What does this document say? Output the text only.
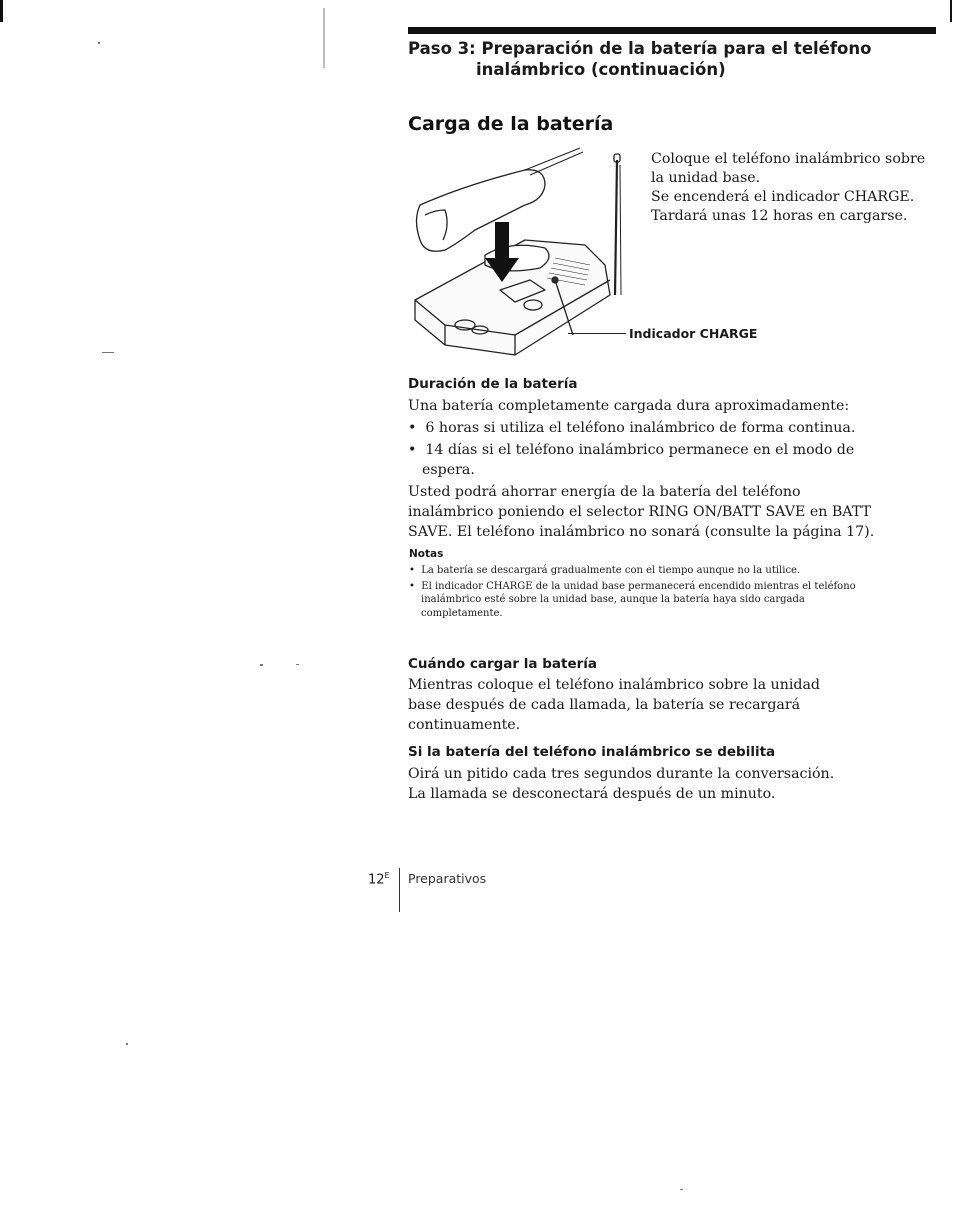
Paso 3: Preparación de la batería para el teléfono
inalámbrico (continuación)
Carga de la batería
Indicador CHARGE

Coloque el teléfono inalámbrico sobre la unidad base.

Se encenderá el indicador CHARGE. Tardará unas 12 horas en cargarse.

Duración de la batería

Una batería completamente cargada dura aproximadamente:

•  6 horas si utiliza el teléfono inalámbrico de forma continua.

•  14 días si el teléfono inalámbrico permanece en el modo de espera.

Usted podrá ahorrar energía de la batería del teléfono inalámbrico poniendo el selector RING ON/BATT SAVE en BATT SAVE. El teléfono inalámbrico no sonará (consulte la página 17).

Notas

•  La batería se descargará gradualmente con el tiempo aunque no la utilice.

•  El indicador CHARGE de la unidad base permanecerá encendido mientras el teléfono inalámbrico esté sobre la unidad base, aunque la batería haya sido cargada completamente.

Cuándo cargar la batería
Mientras coloque el teléfono inalámbrico sobre la unidad base después de cada llamada, la batería se recargará continuamente.
Si la batería del teléfono inalámbrico se debilita

Oirá un pitido cada tres segundos durante la conversación.

La llamada se desconectará después de un minuto.

$12^E$ Preparativos
